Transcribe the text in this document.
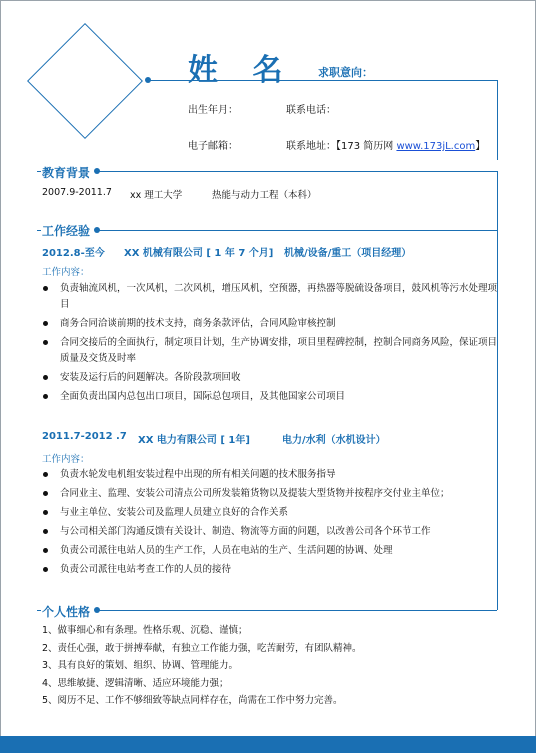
姓 名 求职意向：
出生年月：	联系电话：
电子邮箱：	联系地址：【173 简历网 www.173jL.com】
教育背景
2007.9-2011.7 xx 理工大学	热能与动力工程（本科）
工作经验
2012.8-至今 XX 机械有限公司 [ 1 年 7 个月] 机械/设备/重工（项目经理）
工作内容：
负责轴流风机，一次风机，二次风机，增压风机，空预器，再热器等脱硫设备项目，鼓风机等污水处理项目
商务合同洽谈前期的技术支持，商务条款评估，合同风险审核控制
合同交接后的全面执行，制定项目计划，生产协调安排，项目里程碑控制，控制合同商务风险，保证项目质量及交货及时率
安装及运行后的问题解决。各阶段款项回收
全面负责出国内总包出口项目，国际总包项目，及其他国家公司项目
2011.7-2012 .7 XX 电力有限公司 [ 1年]	电力/水利（水机设计）
工作内容：
负责水轮发电机组安装过程中出现的所有相关问题的技术服务指导
合同业主、监理、安装公司清点公司所发装箱货物以及提装大型货物并按程序交付业主单位；
与业主单位、安装公司及监理人员建立良好的合作关系
与公司相关部门沟通反馈有关设计、制造、物流等方面的问题，以改善公司各个环节工作
负责公司派往电站人员的生产工作，人员在电站的生产、生活问题的协调、处理
负责公司派往电站考查工作的人员的接待
个人性格
1、做事细心和有条理。性格乐观、沉稳、谨慎；
2、责任心强，敢于拼搏奉献，有独立工作能力强，吃苦耐劳，有团队精神。
3、具有良好的策划、组织、协调、管理能力。
4、思维敏捷、逻辑清晰、适应环境能力强；
5、阅历不足、工作不够细致等缺点同样存在，尚需在工作中努力完善。
